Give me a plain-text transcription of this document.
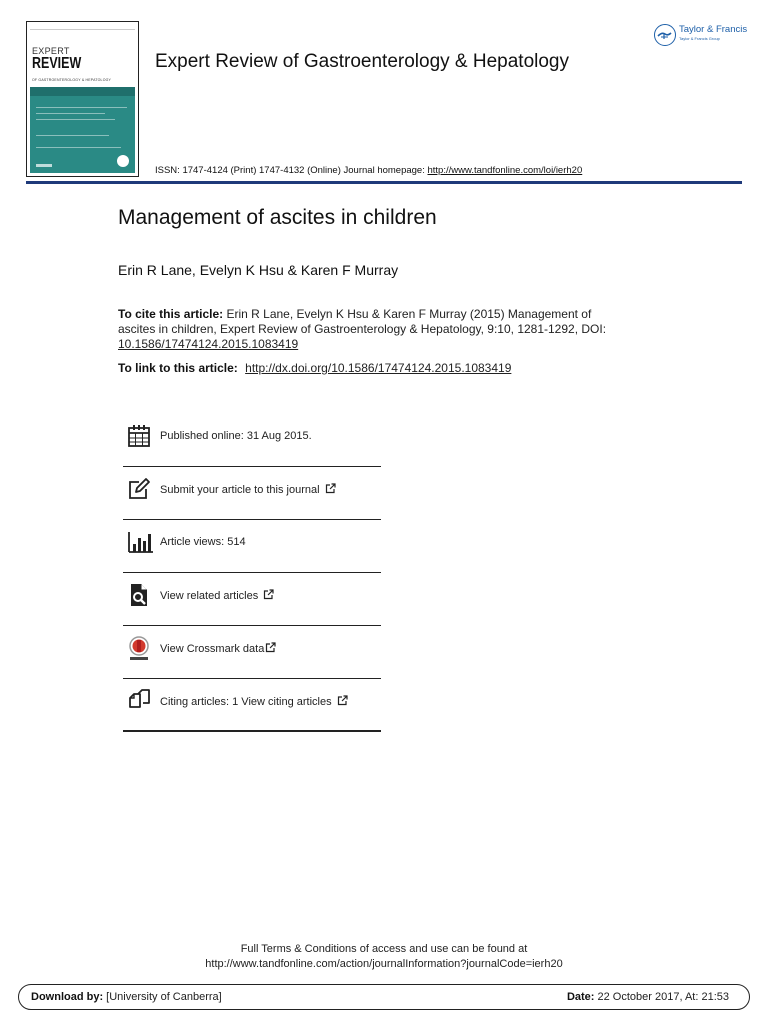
EXPERT
REVIEW
OF GASTROENTEROLOGY & HEPATOLOGY
Expert Review of Gastroenterology & Hepatology
ISSN: 1747-4124 (Print) 1747-4132 (Online) Journal homepage: http://www.tandfonline.com/loi/ierh20
Taylor & Francis
Taylor & Francis Group
Management of ascites in children
Erin R Lane, Evelyn K Hsu & Karen F Murray
To cite this article: Erin R Lane, Evelyn K Hsu & Karen F Murray (2015) Management of ascites in children, Expert Review of Gastroenterology & Hepatology, 9:10, 1281-1292, DOI: 10.1586/17474124.2015.1083419
To link to this article: http://dx.doi.org/10.1586/17474124.2015.1083419
Published online: 31 Aug 2015.
Submit your article to this journal
Article views: 514
View related articles
View Crossmark data
Citing articles: 1 View citing articles
Full Terms & Conditions of access and use can be found at
http://www.tandfonline.com/action/journalInformation?journalCode=ierh20
Download by: [University of Canberra]	Date: 22 October 2017, At: 21:53
